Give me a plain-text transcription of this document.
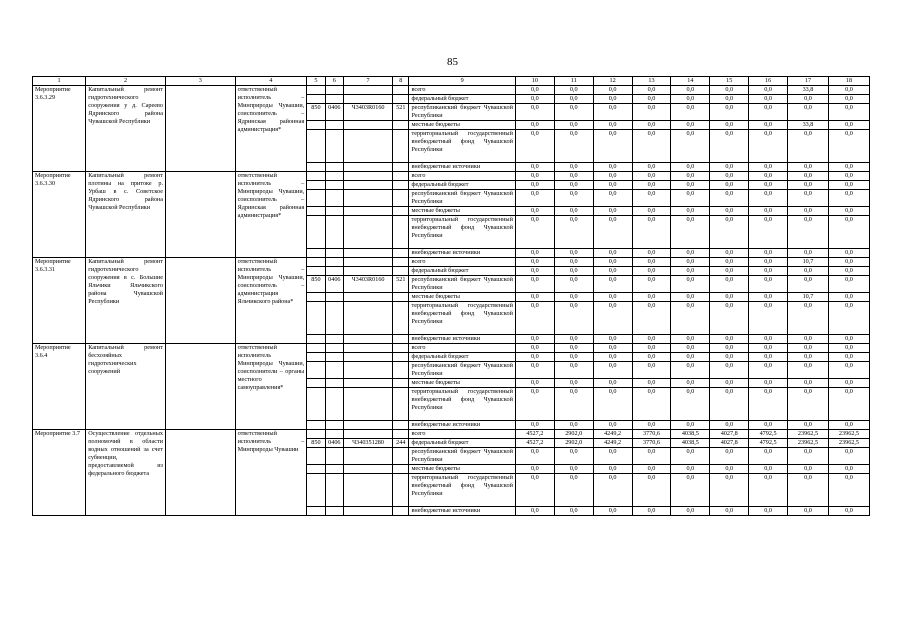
85
1	2	3	4	5	6	7	8	9	10	11	12	13	14	15	16	17	18
Мероприятие 3.6.3.29	Капитальный ремонт гидротехнического сооружения у д. Сареево Ядринского района Чувашской Республики		ответственный исполнитель – Минприроды Чувашии, соисполнитель – Ядринская районная администрация*					всего	0,0	0,0	0,0	0,0	0,0	0,0	0,0	33,8	0,0
								федеральный бюджет	0,0	0,0	0,0	0,0	0,0	0,0	0,0	0,0	0,0
				850	0406	Ч3403R0160	521	республиканский бюджет Чувашской Республики	0,0	0,0	0,0	0,0	0,0	0,0	0,0	0,0	0,0
								местные бюджеты	0,0	0,0	0,0	0,0	0,0	0,0	0,0	33,8	0,0
								территориальный государственный внебюджетный фонд Чувашской Республики	0,0	0,0	0,0	0,0	0,0	0,0	0,0	0,0	0,0
								внебюджетные источники	0,0	0,0	0,0	0,0	0,0	0,0	0,0	0,0	0,0
Мероприятие 3.6.3.30	Капитальный ремонт плотины на притоке р. Урбаш в с. Советское Ядринского района Чувашской Республики		ответственный исполнитель – Минприроды Чувашии, соисполнитель – Ядринская районная администрация*					всего	0,0	0,0	0,0	0,0	0,0	0,0	0,0	0,0	0,0
								федеральный бюджет	0,0	0,0	0,0	0,0	0,0	0,0	0,0	0,0	0,0
								республиканский бюджет Чувашской Республики	0,0	0,0	0,0	0,0	0,0	0,0	0,0	0,0	0,0
								местные бюджеты	0,0	0,0	0,0	0,0	0,0	0,0	0,0	0,0	0,0
								территориальный государственный внебюджетный фонд Чувашской Республики	0,0	0,0	0,0	0,0	0,0	0,0	0,0	0,0	0,0
								внебюджетные источники	0,0	0,0	0,0	0,0	0,0	0,0	0,0	0,0	0,0
Мероприятие 3.6.3.31	Капитальный ремонт гидротехнического сооружения в с. Большие Яльчики Яльчикского района Чувашской Республики		ответственный исполнитель – Минприроды Чувашии, соисполнитель – администрация Яльчикского района*					всего	0,0	0,0	0,0	0,0	0,0	0,0	0,0	10,7	0,0
								федеральный бюджет	0,0	0,0	0,0	0,0	0,0	0,0	0,0	0,0	0,0
				850	0406	Ч3403R0160	521	республиканский бюджет Чувашской Республики	0,0	0,0	0,0	0,0	0,0	0,0	0,0	0,0	0,0
								местные бюджеты	0,0	0,0	0,0	0,0	0,0	0,0	0,0	10,7	0,0
								территориальный государственный внебюджетный фонд Чувашской Республики	0,0	0,0	0,0	0,0	0,0	0,0	0,0	0,0	0,0
								внебюджетные источники	0,0	0,0	0,0	0,0	0,0	0,0	0,0	0,0	0,0
Мероприятие 3.6.4	Капитальный ремонт бесхозяйных гидротехнических сооружений		ответственный исполнитель Минприроды Чувашии, соисполнители – органы местного самоуправления*					всего	0,0	0,0	0,0	0,0	0,0	0,0	0,0	0,0	0,0
								федеральный бюджет	0,0	0,0	0,0	0,0	0,0	0,0	0,0	0,0	0,0
								республиканский бюджет Чувашской Республики	0,0	0,0	0,0	0,0	0,0	0,0	0,0	0,0	0,0
								местные бюджеты	0,0	0,0	0,0	0,0	0,0	0,0	0,0	0,0	0,0
								территориальный государственный внебюджетный фонд Чувашской Республики	0,0	0,0	0,0	0,0	0,0	0,0	0,0	0,0	0,0
								внебюджетные источники	0,0	0,0	0,0	0,0	0,0	0,0	0,0	0,0	0,0
Мероприятие 3.7	Осуществление отдельных полномочий в области водных отношений за счет субвенции, предоставляемой из федерального бюджета		ответственный исполнитель – Минприроды Чувашии					всего	4527,2	2902,0	4249,2	3770,6	4038,5	4027,8	4792,5	23962,5	23962,5
				850	0406	Ч340351280	244	федеральный бюджет	4527,2	2902,0	4249,2	3770,6	4038,5	4027,8	4792,5	23962,5	23962,5
								республиканский бюджет Чувашской Республики	0,0	0,0	0,0	0,0	0,0	0,0	0,0	0,0	0,0
								местные бюджеты	0,0	0,0	0,0	0,0	0,0	0,0	0,0	0,0	0,0
								территориальный государственный внебюджетный фонд Чувашской Республики	0,0	0,0	0,0	0,0	0,0	0,0	0,0	0,0	0,0
								внебюджетные источники	0,0	0,0	0,0	0,0	0,0	0,0	0,0	0,0	0,0
